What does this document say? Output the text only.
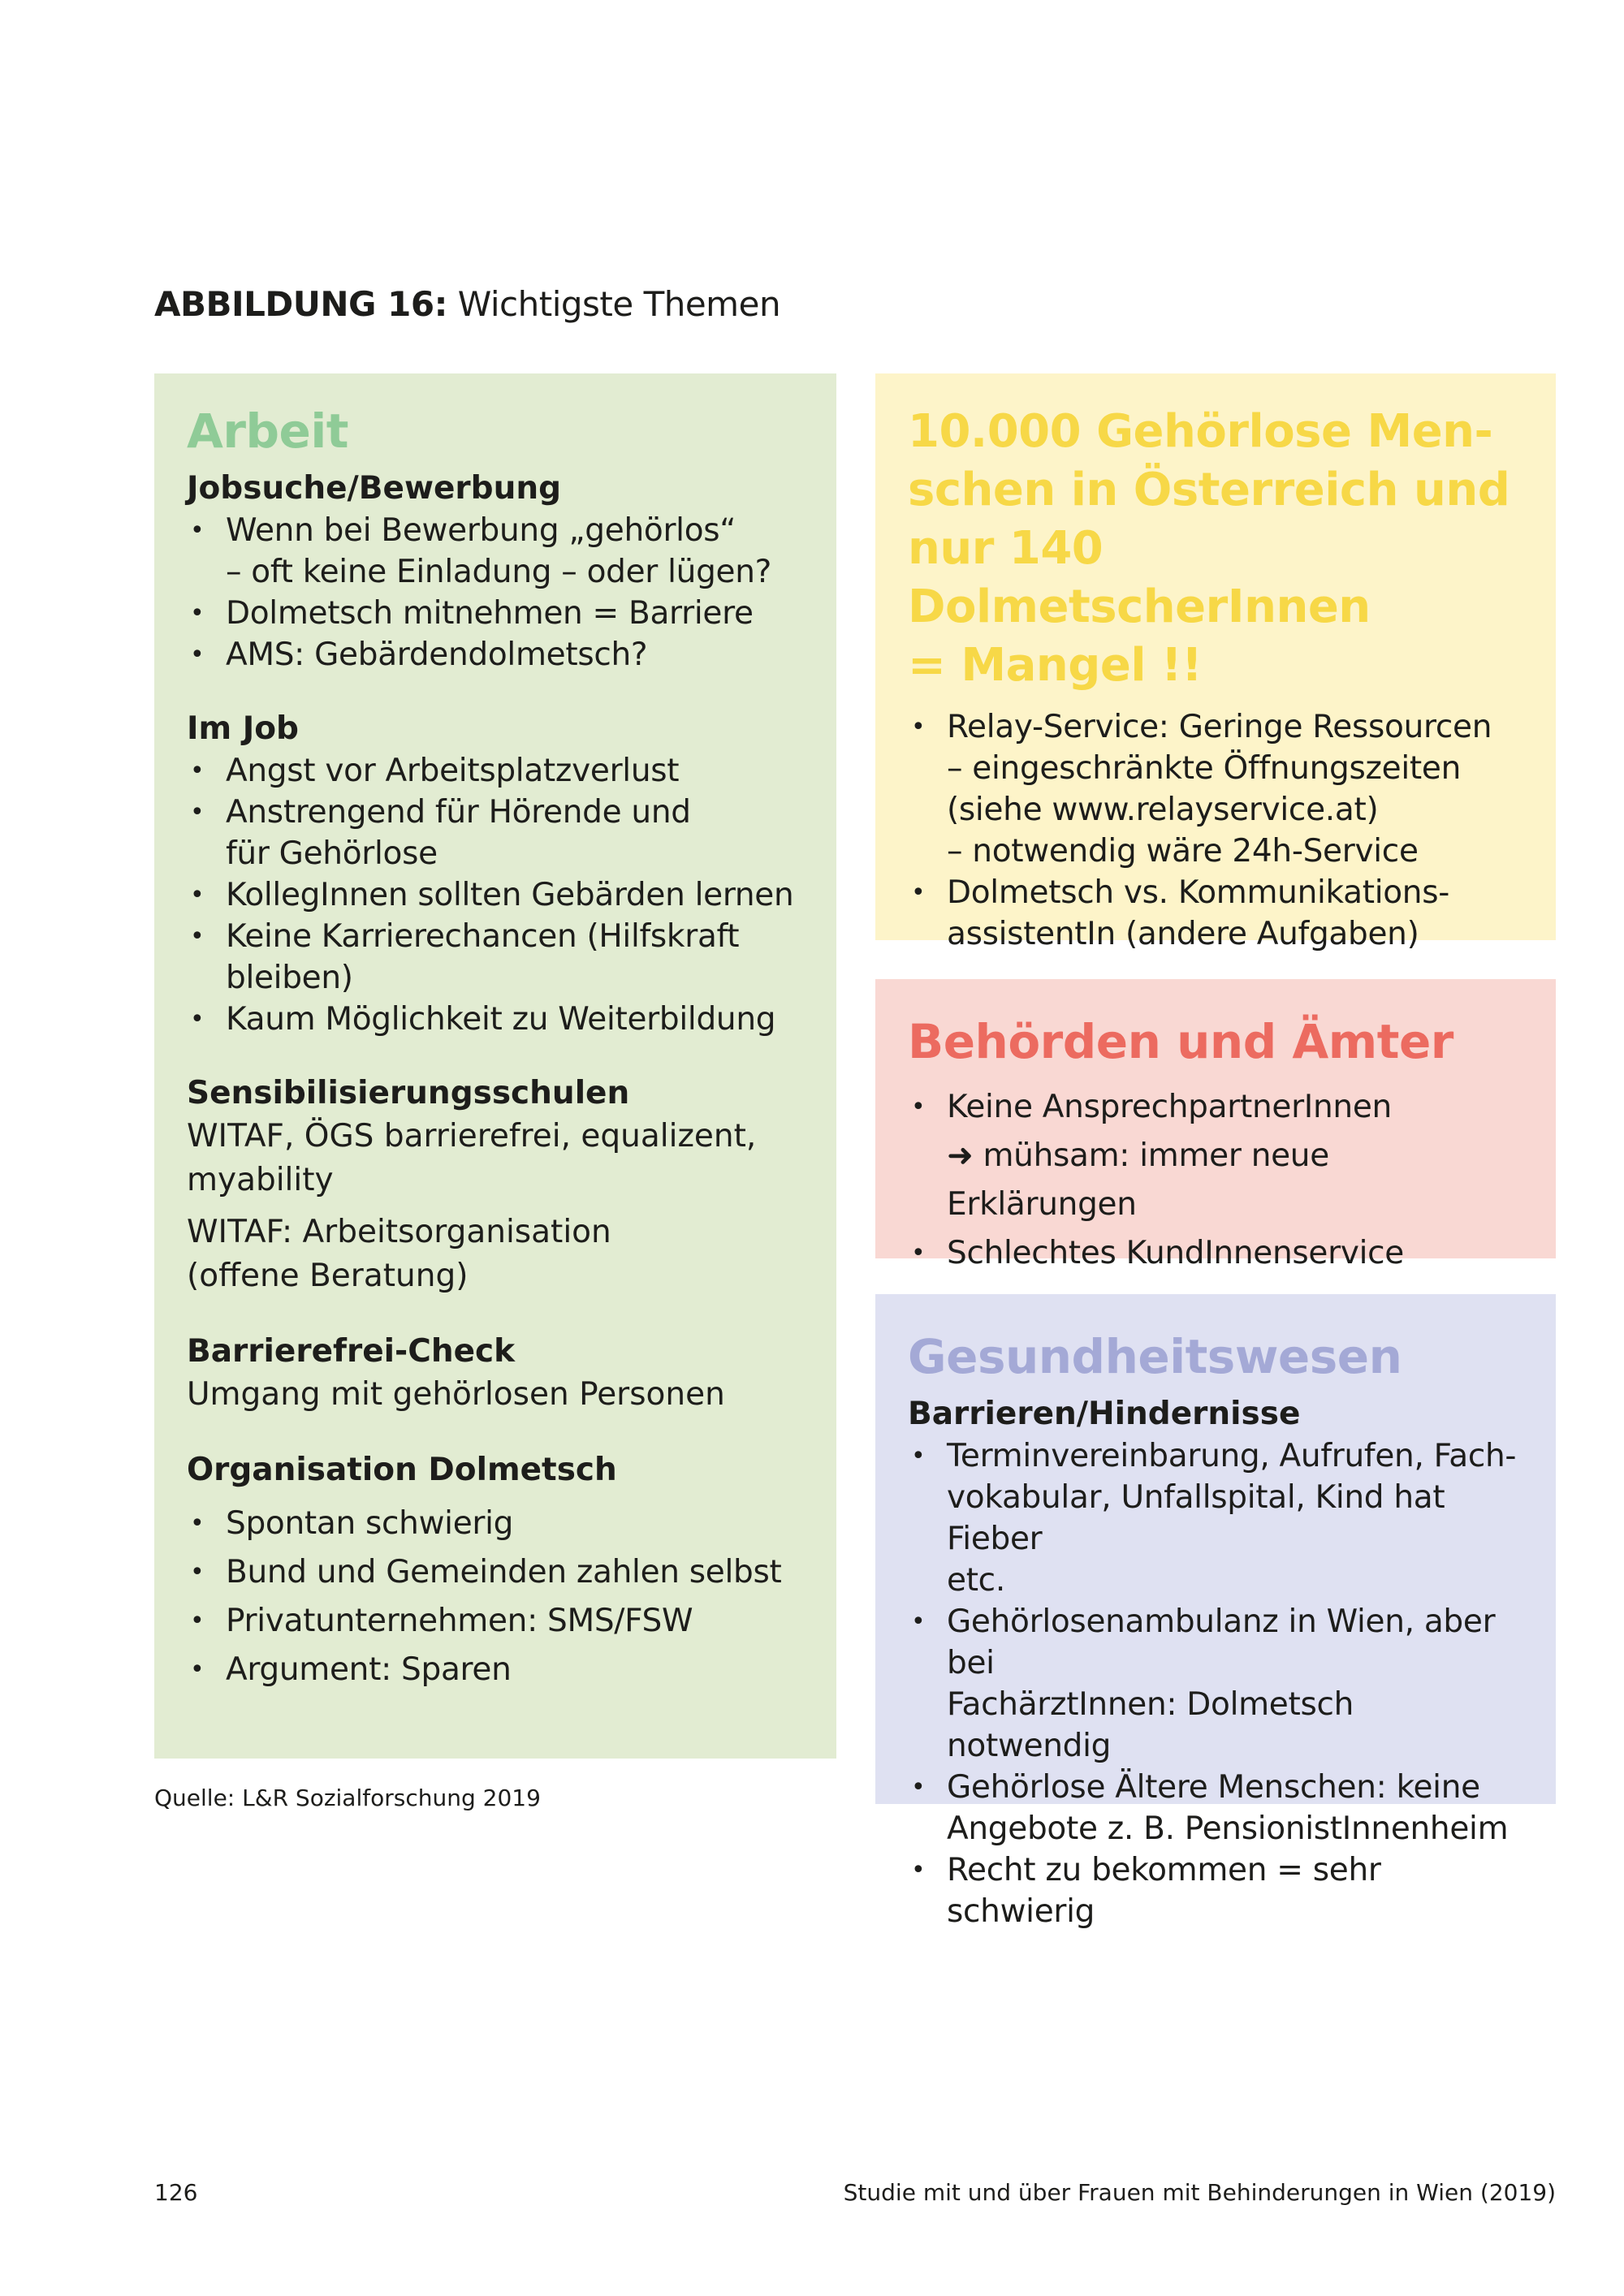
ABBILDUNG 16: Wichtigste Themen
Arbeit
Jobsuche/Bewerbung
• Wenn bei Bewerbung „gehörlos“
– oft keine Einladung – oder lügen?
• Dolmetsch mitnehmen = Barriere
• AMS: Gebärdendolmetsch?
Im Job
• Angst vor Arbeitsplatzverlust
• Anstrengend für Hörende und
für Gehörlose
• KollegInnen sollten Gebärden lernen
• Keine Karrierechancen (Hilfskraft
bleiben)
• Kaum Möglichkeit zu Weiterbildung
Sensibilisierungsschulen
WITAF, ÖGS barrierefrei, equalizent,
myability
WITAF: Arbeitsorganisation
(offene Beratung)
Barrierefrei-Check
Umgang mit gehörlosen Personen
Organisation Dolmetsch
• Spontan schwierig
• Bund und Gemeinden zahlen selbst
• Privatunternehmen: SMS/FSW
• Argument: Sparen
10.000 Gehörlose Men-
schen in Österreich und
nur 140 DolmetscherInnen
= Mangel !!
• Relay-Service: Geringe Ressourcen
– eingeschränkte Öffnungszeiten
(siehe www.relayservice.at)
– notwendig wäre 24h-Service
• Dolmetsch vs. Kommunikations-
assistentIn (andere Aufgaben)
Behörden und Ämter
• Keine AnsprechpartnerInnen
➜ mühsam: immer neue Erklärungen
• Schlechtes KundInnenservice
Gesundheitswesen
Barrieren/Hindernisse
• Terminvereinbarung, Aufrufen, Fach-
vokabular, Unfallspital, Kind hat Fieber
etc.
• Gehörlosenambulanz in Wien, aber bei
FachärztInnen: Dolmetsch notwendig
• Gehörlose Ältere Menschen: keine
Angebote z. B. PensionistInnenheim
• Recht zu bekommen = sehr schwierig
Quelle: L&R Sozialforschung 2019
126	Studie mit und über Frauen mit Behinderungen in Wien (2019)
